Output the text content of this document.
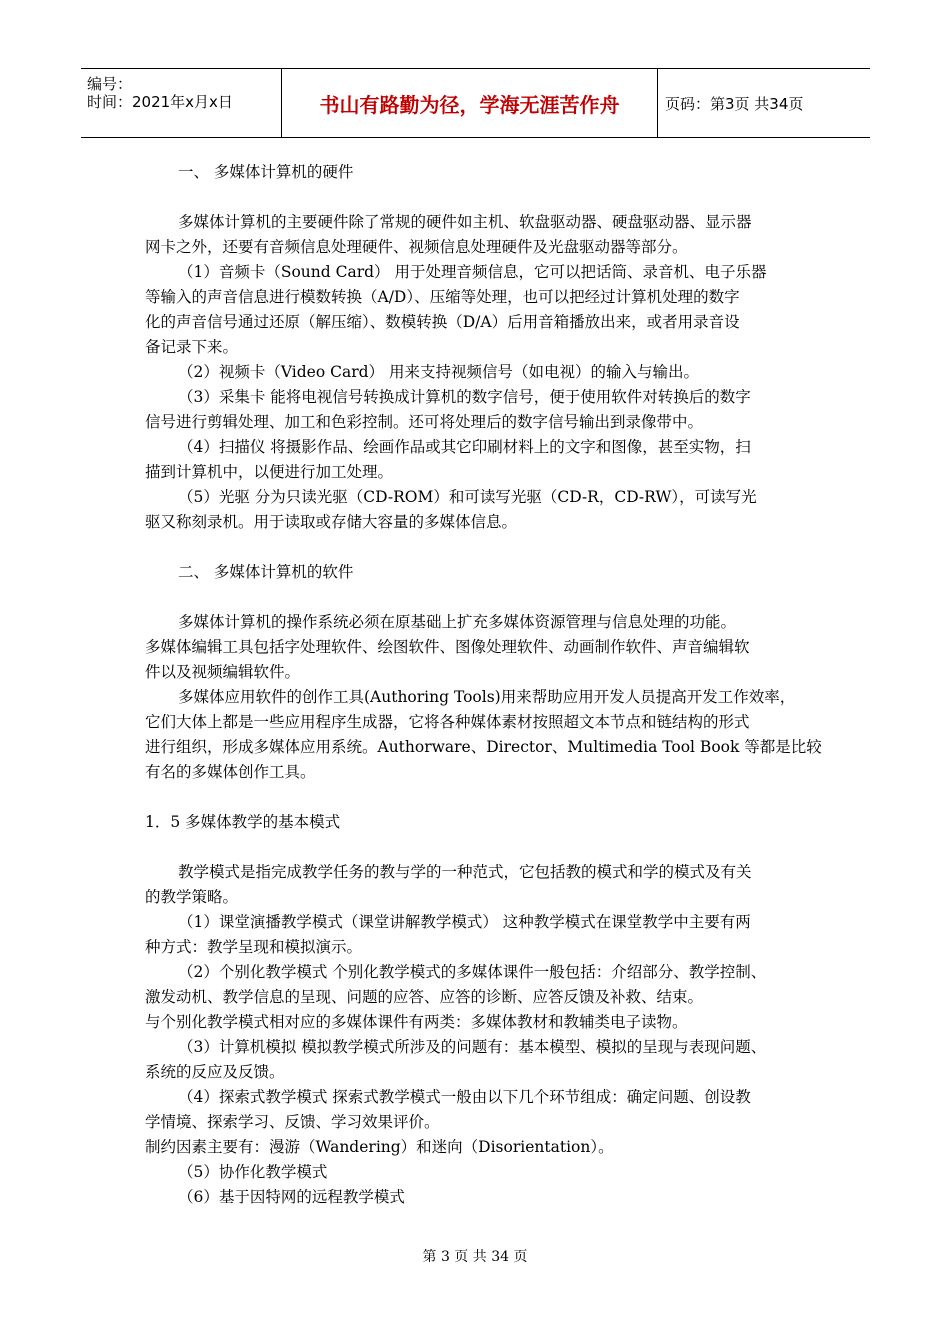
编号：
时间：2021年x月x日	书山有路勤为径，学海无涯苦作舟	页码：第3页 共34页

一、 多媒体计算机的硬件

多媒体计算机的主要硬件除了常规的硬件如主机、软盘驱动器、硬盘驱动器、显示器

网卡之外，还要有音频信息处理硬件、视频信息处理硬件及光盘驱动器等部分。

（1）音频卡（Sound Card） 用于处理音频信息，它可以把话筒、录音机、电子乐器

等输入的声音信息进行模数转换（A/D）、压缩等处理，也可以把经过计算机处理的数字

化的声音信号通过还原（解压缩）、数模转换（D/A）后用音箱播放出来，或者用录音设

备记录下来。

（2）视频卡（Video Card） 用来支持视频信号（如电视）的输入与输出。

（3）采集卡 能将电视信号转换成计算机的数字信号，便于使用软件对转换后的数字

信号进行剪辑处理、加工和色彩控制。还可将处理后的数字信号输出到录像带中。

（4）扫描仪 将摄影作品、绘画作品或其它印刷材料上的文字和图像，甚至实物，扫

描到计算机中，以便进行加工处理。

（5）光驱 分为只读光驱（CD-ROM）和可读写光驱（CD-R，CD-RW），可读写光

驱又称刻录机。用于读取或存储大容量的多媒体信息。

二、 多媒体计算机的软件

多媒体计算机的操作系统必须在原基础上扩充多媒体资源管理与信息处理的功能。

多媒体编辑工具包括字处理软件、绘图软件、图像处理软件、动画制作软件、声音编辑软

件以及视频编辑软件。

多媒体应用软件的创作工具(Authoring Tools)用来帮助应用开发人员提高开发工作效率，

它们大体上都是一些应用程序生成器，它将各种媒体素材按照超文本节点和链结构的形式

进行组织，形成多媒体应用系统。Authorware、Director、Multimedia Tool Book 等都是比较

有名的多媒体创作工具。

1．5 多媒体教学的基本模式

教学模式是指完成教学任务的教与学的一种范式，它包括教的模式和学的模式及有关

的教学策略。

（1）课堂演播教学模式（课堂讲解教学模式） 这种教学模式在课堂教学中主要有两

种方式：教学呈现和模拟演示。

（2）个别化教学模式 个别化教学模式的多媒体课件一般包括：介绍部分、教学控制、

激发动机、教学信息的呈现、问题的应答、应答的诊断、应答反馈及补救、结束。

与个别化教学模式相对应的多媒体课件有两类：多媒体教材和教辅类电子读物。

（3）计算机模拟 模拟教学模式所涉及的问题有：基本模型、模拟的呈现与表现问题、

系统的反应及反馈。

（4）探索式教学模式 探索式教学模式一般由以下几个环节组成：确定问题、创设教

学情境、探索学习、反馈、学习效果评价。

制约因素主要有：漫游（Wandering）和迷向（Disorientation）。

（5）协作化教学模式

（6）基于因特网的远程教学模式

第 3 页 共 34 页
